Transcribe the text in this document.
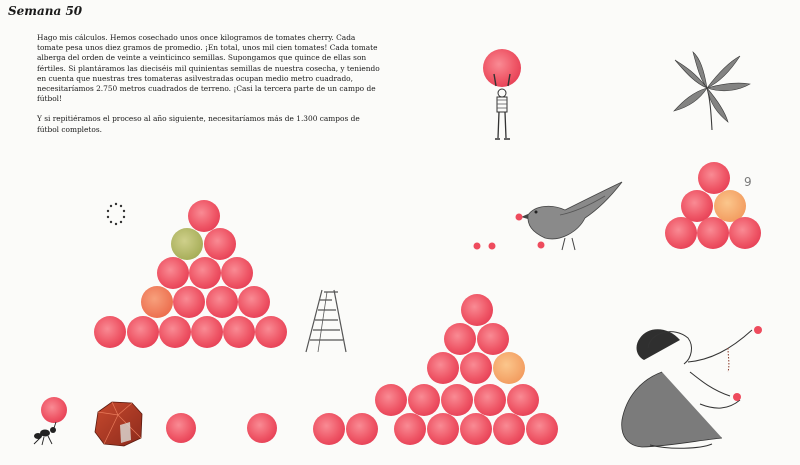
Semana 50

Hago mis cálculos. Hemos cosechado unos once kilogramos de tomates cherry. Cada tomate pesa unos diez gramos de promedio. ¡En total, unos mil cien tomates! Cada tomate alberga del orden de veinte a veinticinco semillas. Supongamos que quince de ellas son fértiles. Si plantáramos las dieciséis mil quinientas semillas de nuestra cosecha, y teniendo en cuenta que nuestras tres tomateras asilvestradas ocupan medio metro cuadrado, necesitaríamos 2.750 metros cuadrados de terreno. ¡Casi la tercera parte de un campo de fútbol!

Y si repitiéramos el proceso al año siguiente, necesitaríamos más de 1.300 campos de fútbol completos.

9
